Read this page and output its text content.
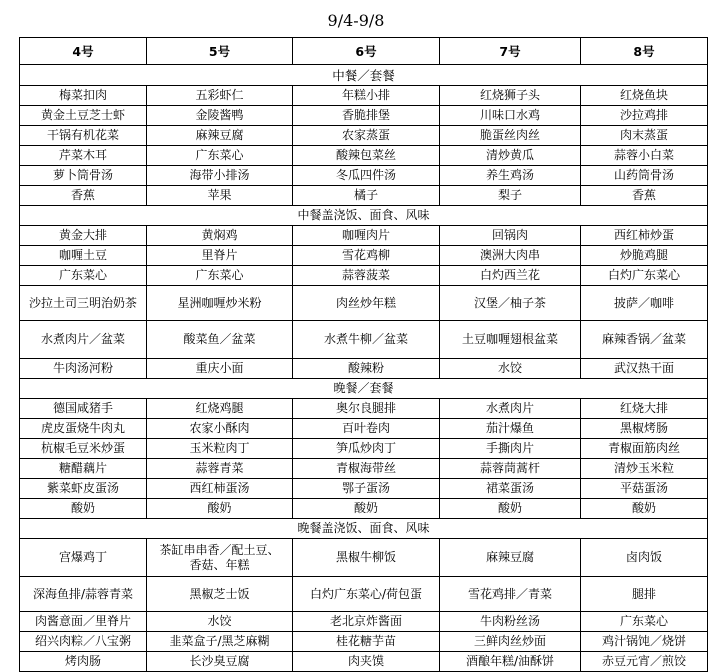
9/4-9/8
4号	5号	6号	7号	8号
中餐／套餐				
梅菜扣肉	五彩虾仁	年糕小排	红烧狮子头	红烧鱼块
黄金土豆芝士虾	金陵酱鸭	香脆排堡	川味口水鸡	沙拉鸡排
干锅有机花菜	麻辣豆腐	农家蒸蛋	脆蛋丝肉丝	肉末蒸蛋
芹菜木耳	广东菜心	酸辣包菜丝	清炒黄瓜	蒜蓉小白菜
萝卜筒骨汤	海带小排汤	冬瓜四件汤	养生鸡汤	山药筒骨汤
香蕉	苹果	橘子	梨子	香蕉
中餐盖浇饭、面食、风味				
黄金大排	黄焖鸡	咖喱肉片	回锅肉	西红柿炒蛋
咖喱土豆	里脊片	雪花鸡柳	澳洲大肉串	炒脆鸡腿
广东菜心	广东菜心	蒜蓉菠菜	白灼西兰花	白灼广东菜心
沙拉土司三明治奶茶	星洲咖喱炒米粉	肉丝炒年糕	汉堡／柚子茶	披萨／咖啡
水煮肉片／盆菜	酸菜鱼／盆菜	水煮牛柳／盆菜	土豆咖喱翅根盆菜	麻辣香锅／盆菜
牛肉汤河粉	重庆小面	酸辣粉	水饺	武汉热干面
晚餐／套餐				
德国咸猪手	红烧鸡腿	奥尔良腿排	水煮肉片	红烧大排
虎皮蛋烧牛肉丸	农家小酥肉	百叶卷肉	茄汁爆鱼	黑椒烤肠
杭椒毛豆米炒蛋	玉米粒肉丁	笋瓜炒肉丁	手撕肉片	青椒面筋肉丝
糖醋藕片	蒜蓉青菜	青椒海带丝	蒜蓉茼蒿杆	清炒玉米粒
紫菜虾皮蛋汤	西红柿蛋汤	鄂子蛋汤	裙菜蛋汤	平菇蛋汤
酸奶	酸奶	酸奶	酸奶	酸奶
晚餐盖浇饭、面食、风味				
宫爆鸡丁	茶缸串串香／配土豆、香菇、年糕	黑椒牛柳饭	麻辣豆腐	卤肉饭
深海鱼排/蒜蓉青菜	黑椒芝士饭	白灼广东菜心/荷包蛋	雪花鸡排／青菜	腿排
肉酱意面／里脊片	水饺	老北京炸酱面	牛肉粉丝汤	广东菜心
绍兴肉粽／八宝粥	韭菜盒子/黑芝麻糊	桂花糖芋苗	三鲜肉丝炒面	鸡汁锅饨／烧饼
烤肉肠	长沙臭豆腐	肉夹馍	酒酿年糕/油酥饼	赤豆元宵／煎饺
